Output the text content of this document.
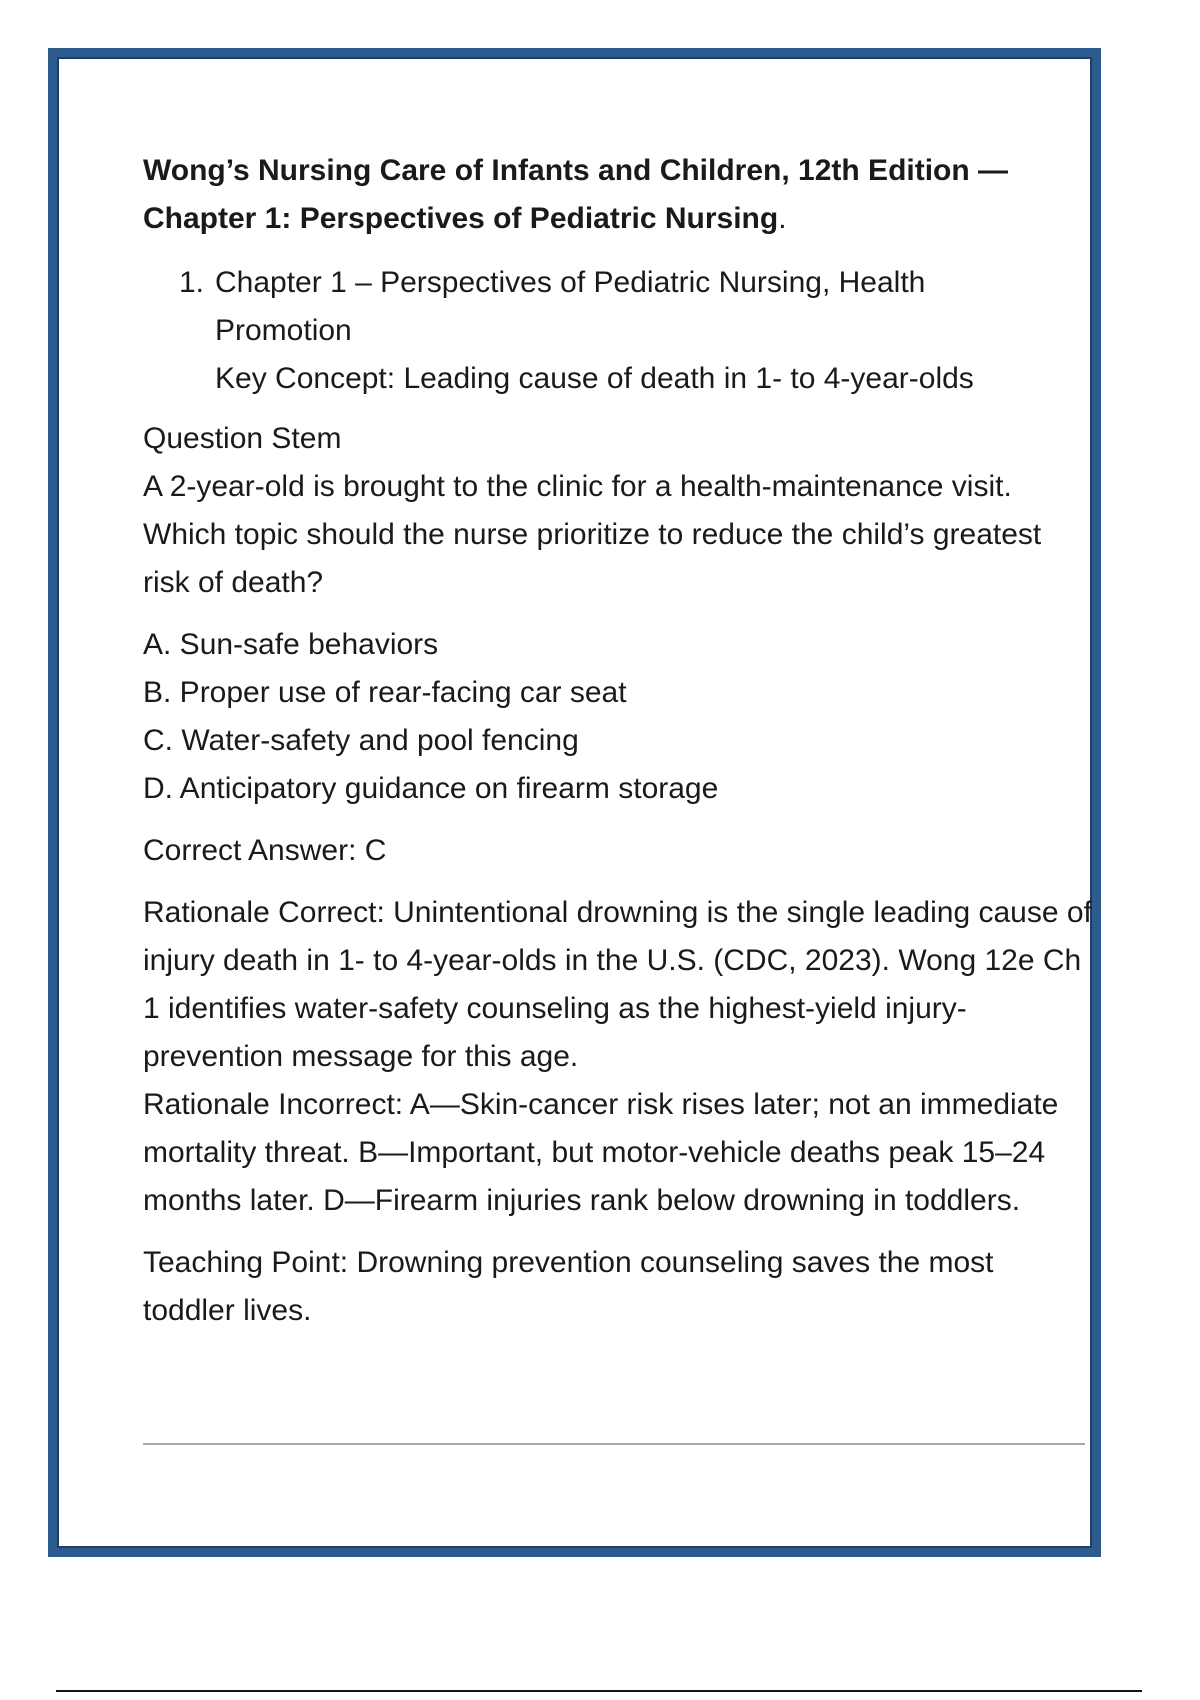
Wong’s Nursing Care of Infants and Children, 12th Edition —
Chapter 1: Perspectives of Pediatric Nursing.
1. Chapter 1 – Perspectives of Pediatric Nursing, Health
Promotion
Key Concept: Leading cause of death in 1- to 4-year-olds
Question Stem
A 2-year-old is brought to the clinic for a health-maintenance visit. Which topic should the nurse prioritize to reduce the child’s greatest risk of death?
A. Sun-safe behaviors
B. Proper use of rear-facing car seat
C. Water-safety and pool fencing
D. Anticipatory guidance on firearm storage
Correct Answer: C
Rationale Correct: Unintentional drowning is the single leading cause of injury death in 1- to 4-year-olds in the U.S. (CDC, 2023). Wong 12e Ch 1 identifies water-safety counseling as the highest-yield injury-prevention message for this age.
Rationale Incorrect: A—Skin-cancer risk rises later; not an immediate mortality threat. B—Important, but motor-vehicle deaths peak 15–24 months later. D—Firearm injuries rank below drowning in toddlers.
Teaching Point: Drowning prevention counseling saves the most toddler lives.
